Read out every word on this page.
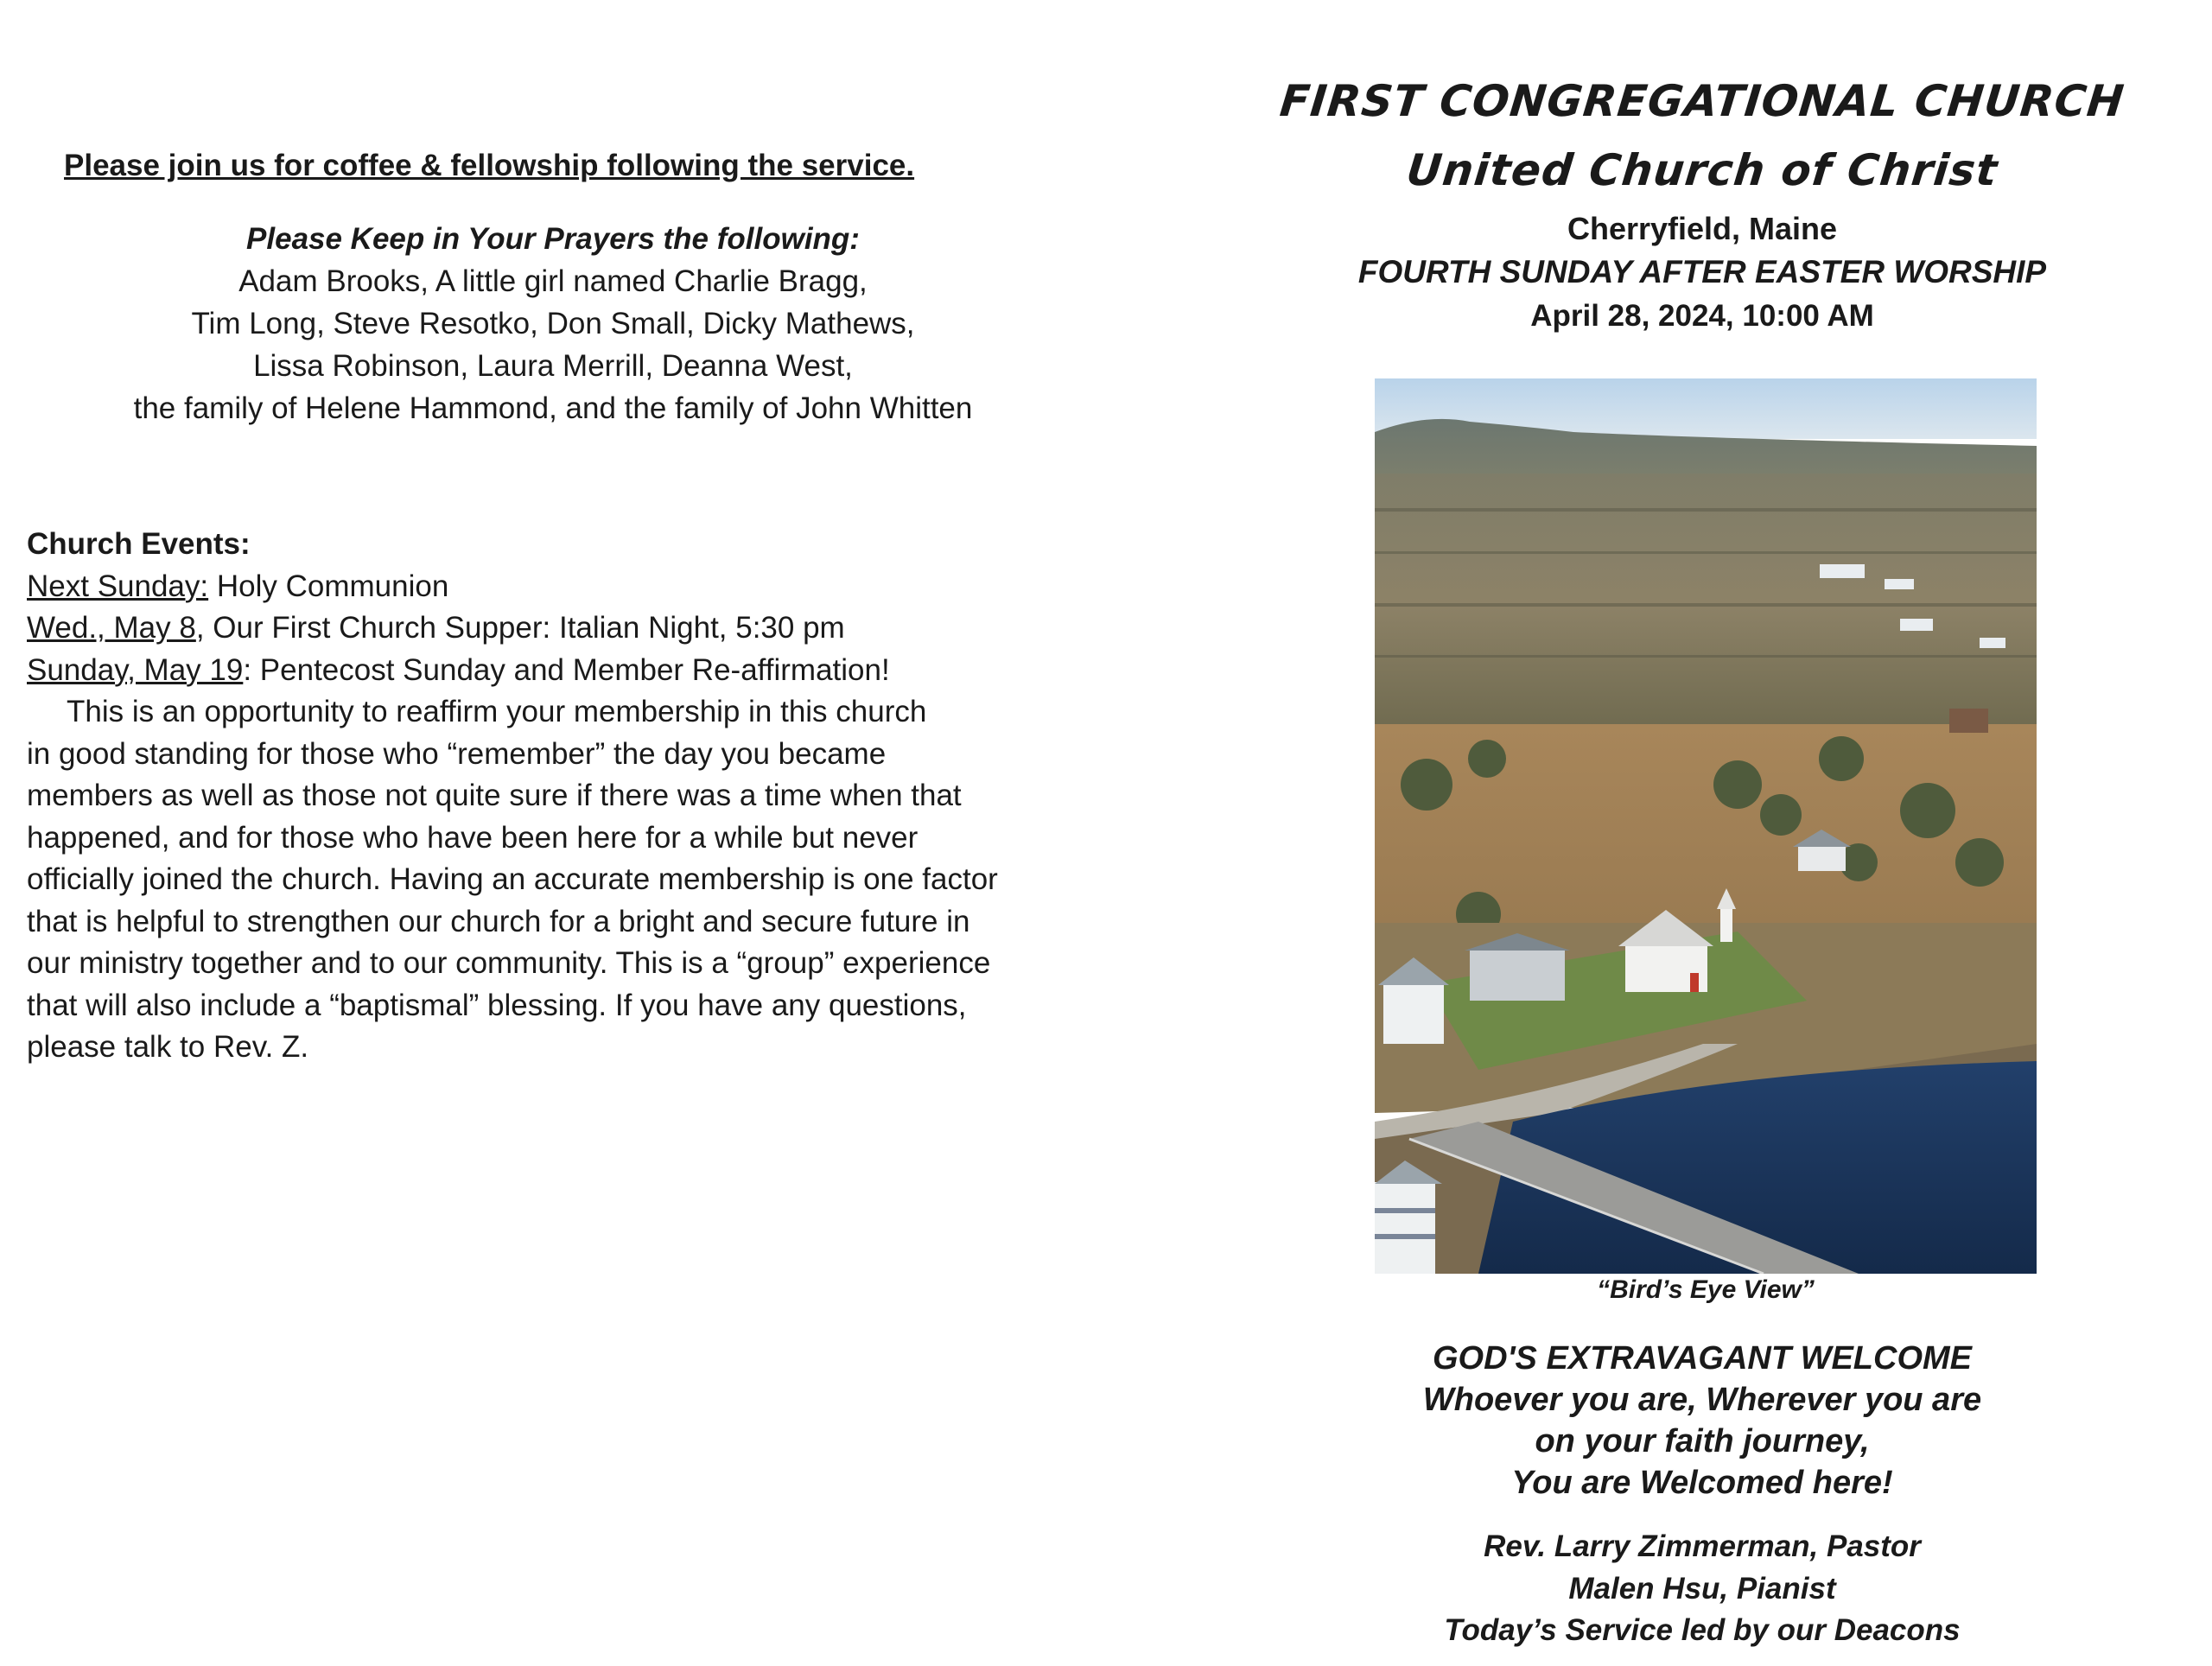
Please join us for coffee & fellowship following the service.
Please Keep in Your Prayers the following:
Adam Brooks, A little girl named Charlie Bragg,
Tim Long, Steve Resotko, Don Small, Dicky Mathews,
Lissa Robinson, Laura Merrill, Deanna West,
the family of Helene Hammond, and the family of John Whitten
Church Events:
Next Sunday: Holy Communion
Wed., May 8, Our First Church Supper: Italian Night, 5:30 pm
Sunday, May 19: Pentecost Sunday and Member Re-affirmation!
This is an opportunity to reaffirm your membership in this church
in good standing for those who “remember” the day you became
members as well as those not quite sure if there was a time when that
happened, and for those who have been here for a while but never
officially joined the church. Having an accurate membership is one factor
that is helpful to strengthen our church for a bright and secure future in
our ministry together and to our community. This is a “group” experience
that will also include a “baptismal” blessing. If you have any questions,
please talk to Rev. Z.
FIRST CONGREGATIONAL CHURCH
United Church of Christ
Cherryfield, Maine
FOURTH SUNDAY AFTER EASTER WORSHIP
April 28, 2024, 10:00 AM
“Bird’s Eye View”
GOD'S EXTRAVAGANT WELCOME
Whoever you are, Wherever you are
on your faith journey,
You are Welcomed here!
Rev. Larry Zimmerman, Pastor
Malen Hsu, Pianist
Today’s Service led by our Deacons
